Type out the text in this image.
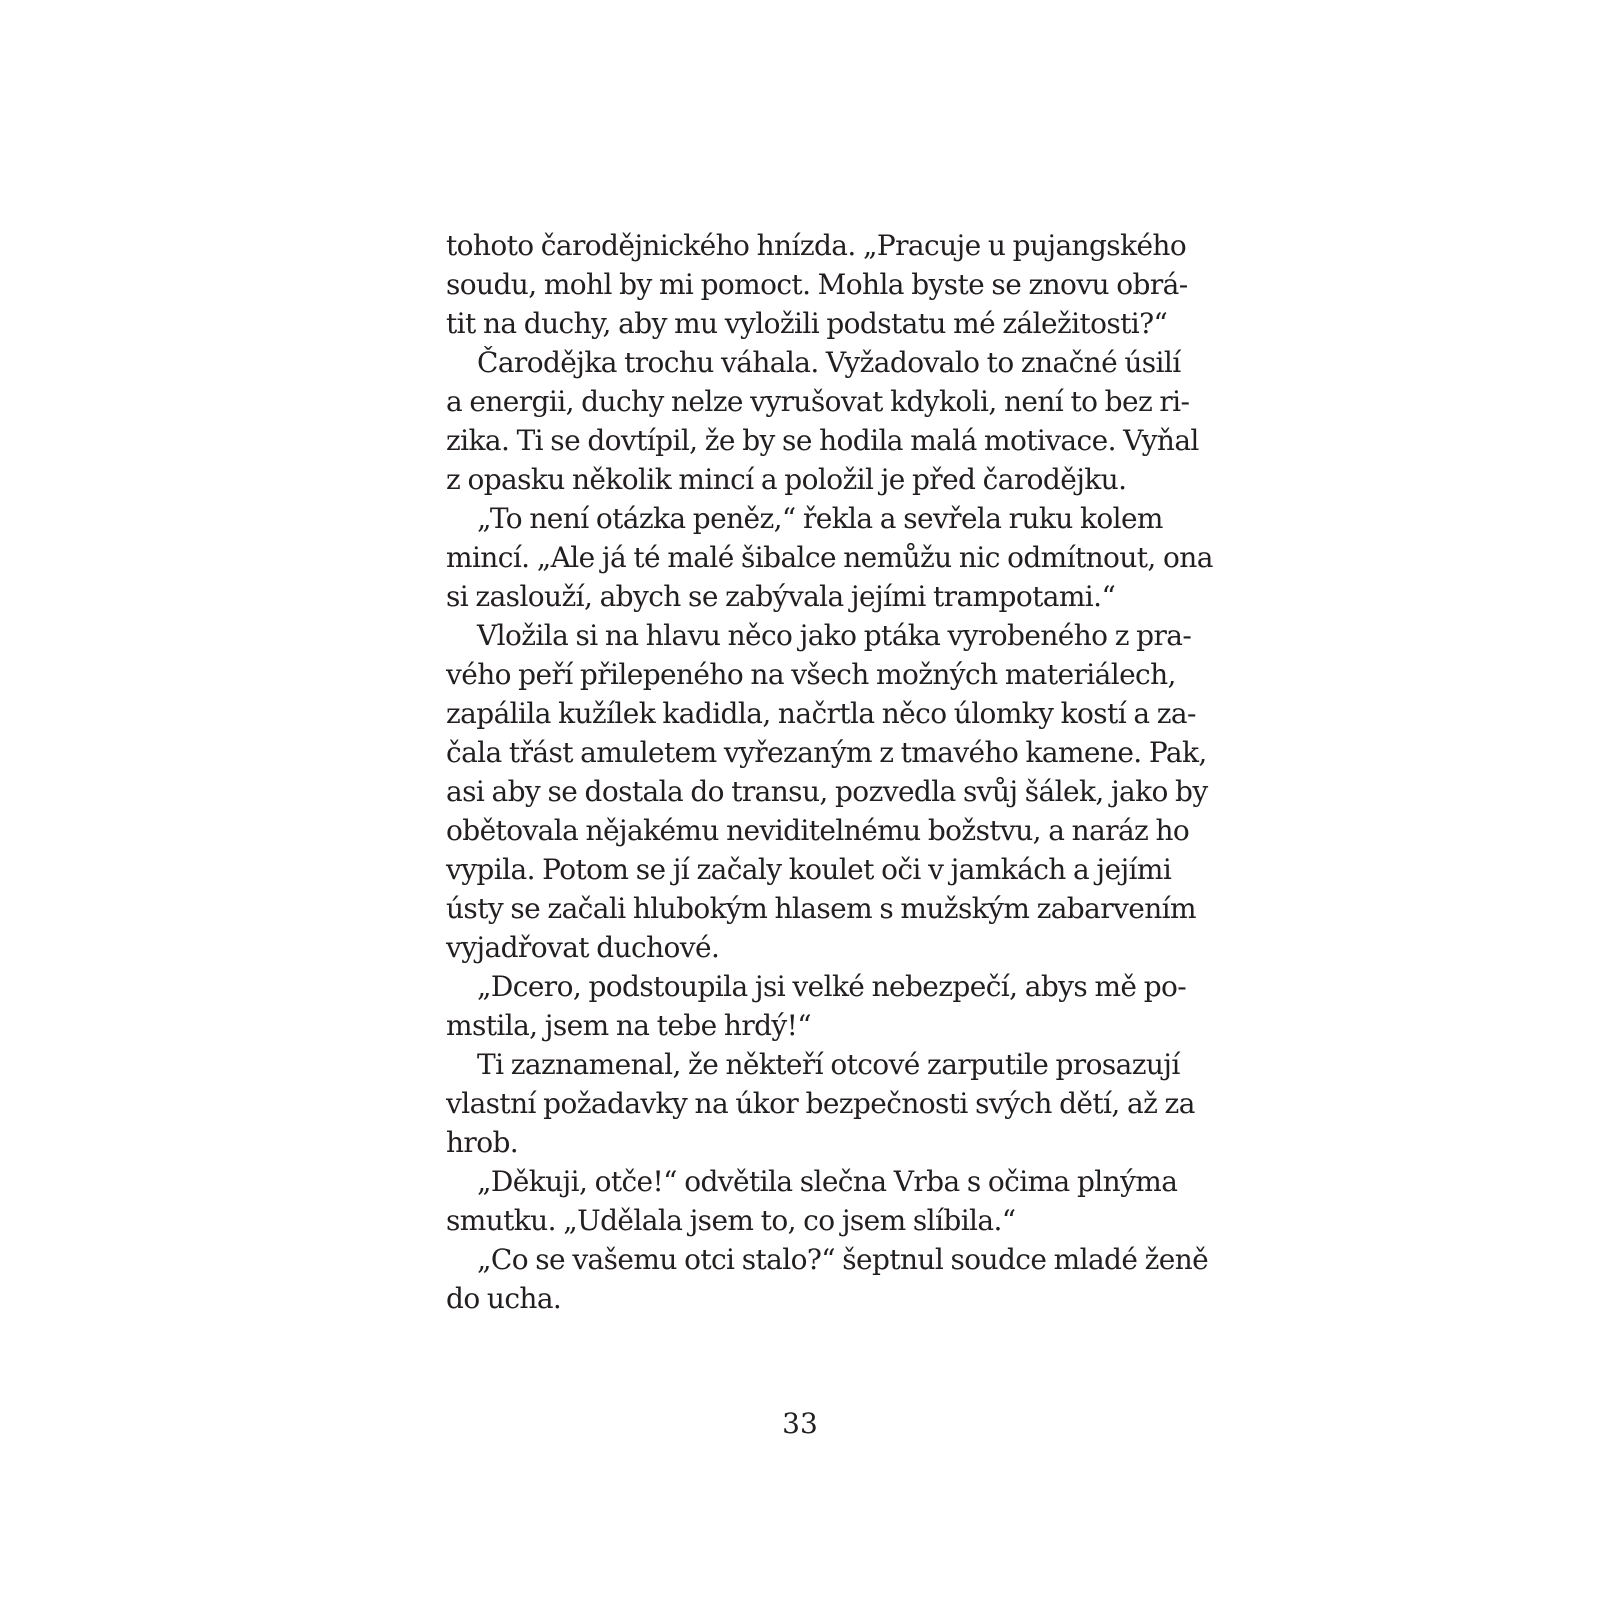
tohoto čarodějnického hnízda. „Pracuje u pujangského
soudu, mohl by mi pomoct. Mohla byste se znovu obrá-
tit na duchy, aby mu vyložili podstatu mé záležitosti?“
Čarodějka trochu váhala. Vyžadovalo to značné úsilí
a energii, duchy nelze vyrušovat kdykoli, není to bez ri-
zika. Ti se dovtípil, že by se hodila malá motivace. Vyňal
z opasku několik mincí a položil je před čarodějku.
„To není otázka peněz,“ řekla a sevřela ruku kolem
mincí. „Ale já té malé šibalce nemůžu nic odmítnout, ona
si zaslouží, abych se zabývala jejími trampotami.“
Vložila si na hlavu něco jako ptáka vyrobeného z pra-
vého peří přilepeného na všech možných materiálech,
zapálila kužílek kadidla, načrtla něco úlomky kostí a za-
čala třást amuletem vyřezaným z tmavého kamene. Pak,
asi aby se dostala do transu, pozvedla svůj šálek, jako by
obětovala nějakému neviditelnému božstvu, a naráz ho
vypila. Potom se jí začaly koulet oči v jamkách a jejími
ústy se začali hlubokým hlasem s mužským zabarvením
vyjadřovat duchové.
„Dcero, podstoupila jsi velké nebezpečí, abys mě po-
mstila, jsem na tebe hrdý!“
Ti zaznamenal, že někteří otcové zarputile prosazují
vlastní požadavky na úkor bezpečnosti svých dětí, až za
hrob.
„Děkuji, otče!“ odvětila slečna Vrba s očima plnýma
smutku. „Udělala jsem to, co jsem slíbila.“
„Co se vašemu otci stalo?“ šeptnul soudce mladé ženě
do ucha.
33
